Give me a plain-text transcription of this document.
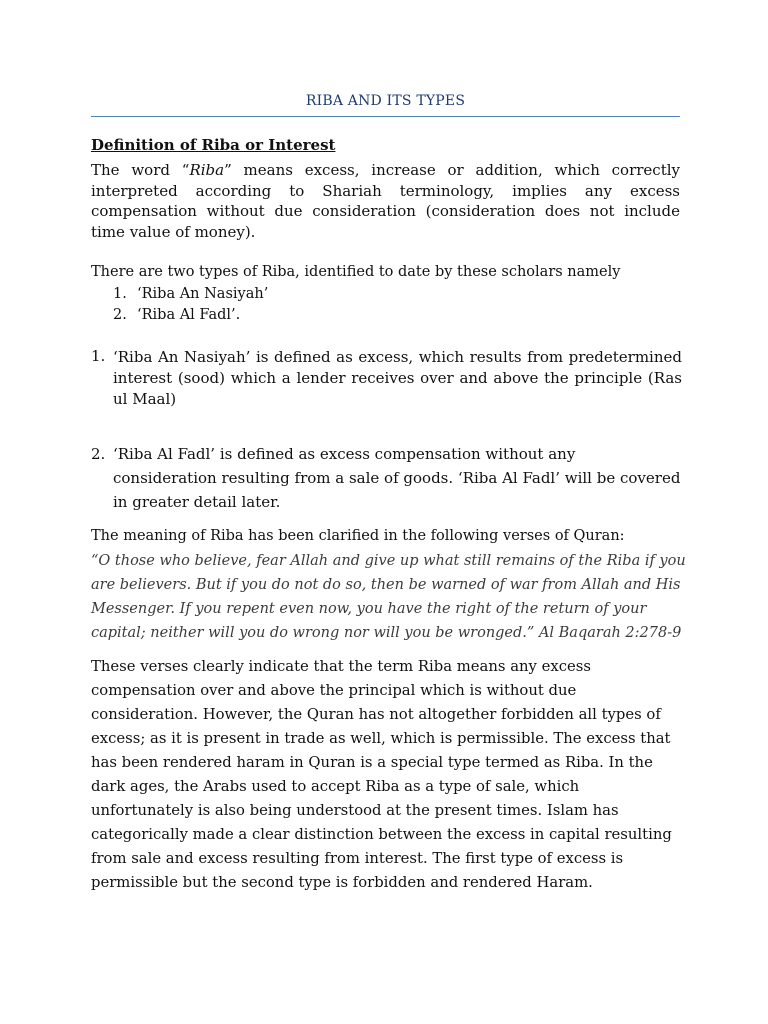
RIBA AND ITS TYPES
Definition of Riba or Interest
The word “Riba” means excess, increase or addition, which correctly interpreted according to Shariah terminology, implies any excess compensation without due consideration (consideration does not include time value of money).
There are two types of Riba, identified to date by these scholars namely
1. ‘Riba An Nasiyah’
2. ‘Riba Al Fadl’.
1. ‘Riba An Nasiyah’ is defined as excess, which results from predetermined interest (sood) which a lender receives over and above the principle (Ras ul Maal)
2. ‘Riba Al Fadl’ is defined as excess compensation without any consideration resulting from a sale of goods. ‘Riba Al Fadl’ will be covered in greater detail later.
The meaning of Riba has been clarified in the following verses of Quran:
“O those who believe, fear Allah and give up what still remains of the Riba if you are believers. But if you do not do so, then be warned of war from Allah and His Messenger. If you repent even now, you have the right of the return of your capital; neither will you do wrong nor will you be wronged.” Al Baqarah 2:278-9
These verses clearly indicate that the term Riba means any excess compensation over and above the principal which is without due consideration. However, the Quran has not altogether forbidden all types of excess; as it is present in trade as well, which is permissible. The excess that has been rendered haram in Quran is a special type termed as Riba. In the dark ages, the Arabs used to accept Riba as a type of sale, which unfortunately is also being understood at the present times. Islam has categorically made a clear distinction between the excess in capital resulting from sale and excess resulting from interest. The first type of excess is permissible but the second type is forbidden and rendered Haram.
